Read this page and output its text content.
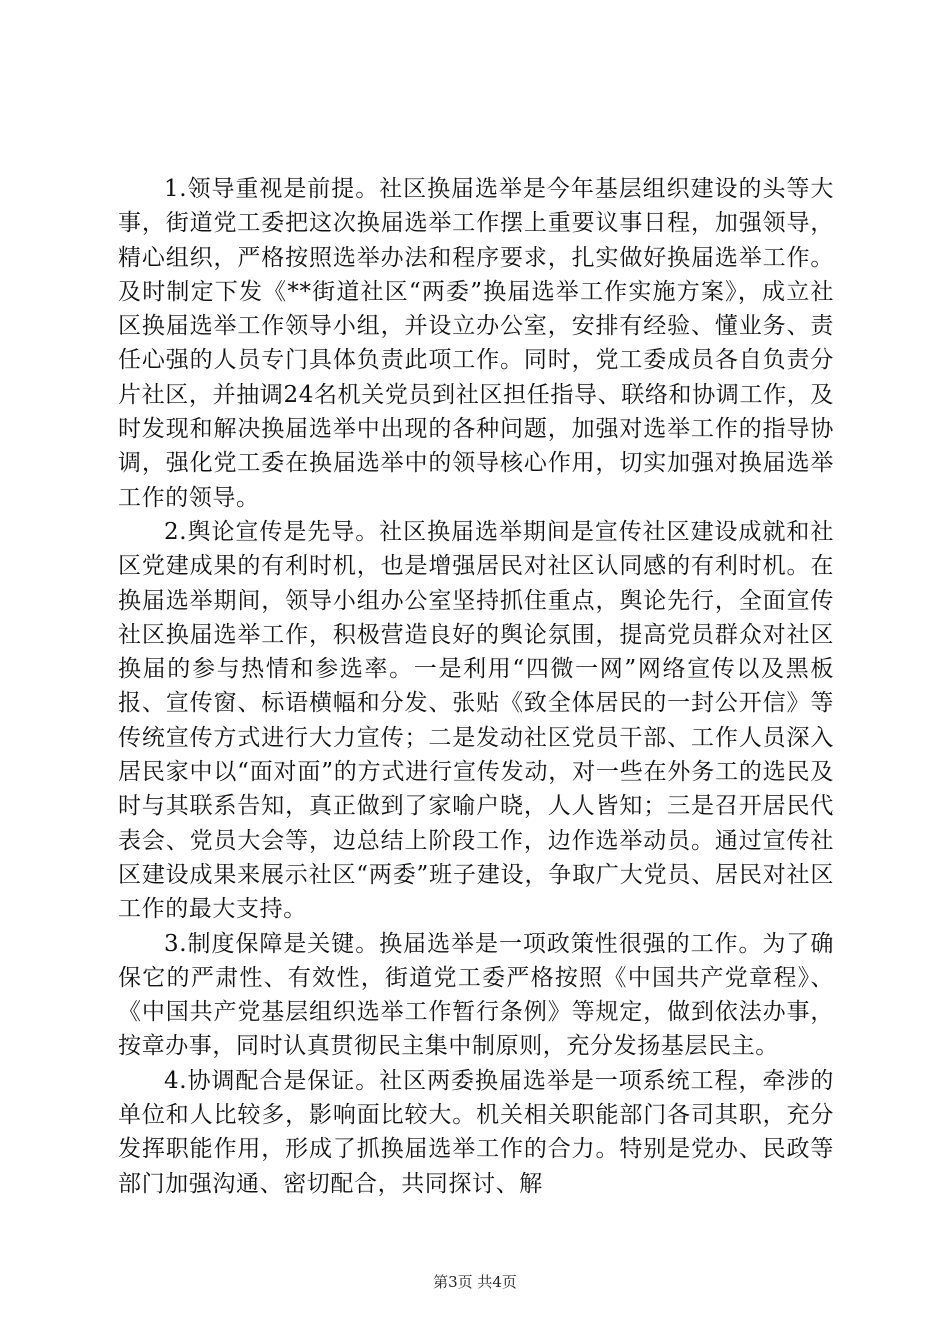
1.领导重视是前提。社区换届选举是今年基层组织建设的头等大事，街道党工委把这次换届选举工作摆上重要议事日程，加强领导，精心组织，严格按照选举办法和程序要求，扎实做好换届选举工作。及时制定下发《**街道社区“两委”换届选举工作实施方案》，成立社区换届选举工作领导小组，并设立办公室，安排有经验、懂业务、责任心强的人员专门具体负责此项工作。同时，党工委成员各自负责分片社区，并抽调24名机关党员到社区担任指导、联络和协调工作，及时发现和解决换届选举中出现的各种问题，加强对选举工作的指导协调，强化党工委在换届选举中的领导核心作用，切实加强对换届选举工作的领导。

2.舆论宣传是先导。社区换届选举期间是宣传社区建设成就和社区党建成果的有利时机，也是增强居民对社区认同感的有利时机。在换届选举期间，领导小组办公室坚持抓住重点，舆论先行，全面宣传社区换届选举工作，积极营造良好的舆论氛围，提高党员群众对社区换届的参与热情和参选率。一是利用“四微一网”网络宣传以及黑板报、宣传窗、标语横幅和分发、张贴《致全体居民的一封公开信》等传统宣传方式进行大力宣传；二是发动社区党员干部、工作人员深入居民家中以“面对面”的方式进行宣传发动，对一些在外务工的选民及时与其联系告知，真正做到了家喻户晓，人人皆知；三是召开居民代表会、党员大会等，边总结上阶段工作，边作选举动员。通过宣传社区建设成果来展示社区“两委”班子建设，争取广大党员、居民对社区工作的最大支持。

3.制度保障是关键。换届选举是一项政策性很强的工作。为了确保它的严肃性、有效性，街道党工委严格按照《中国共产党章程》、《中国共产党基层组织选举工作暂行条例》等规定，做到依法办事，按章办事，同时认真贯彻民主集中制原则，充分发扬基层民主。

4.协调配合是保证。社区两委换届选举是一项系统工程，牵涉的单位和人比较多，影响面比较大。机关相关职能部门各司其职，充分发挥职能作用，形成了抓换届选举工作的合力。特别是党办、民政等部门加强沟通、密切配合，共同探讨、解

第3页 共4页
